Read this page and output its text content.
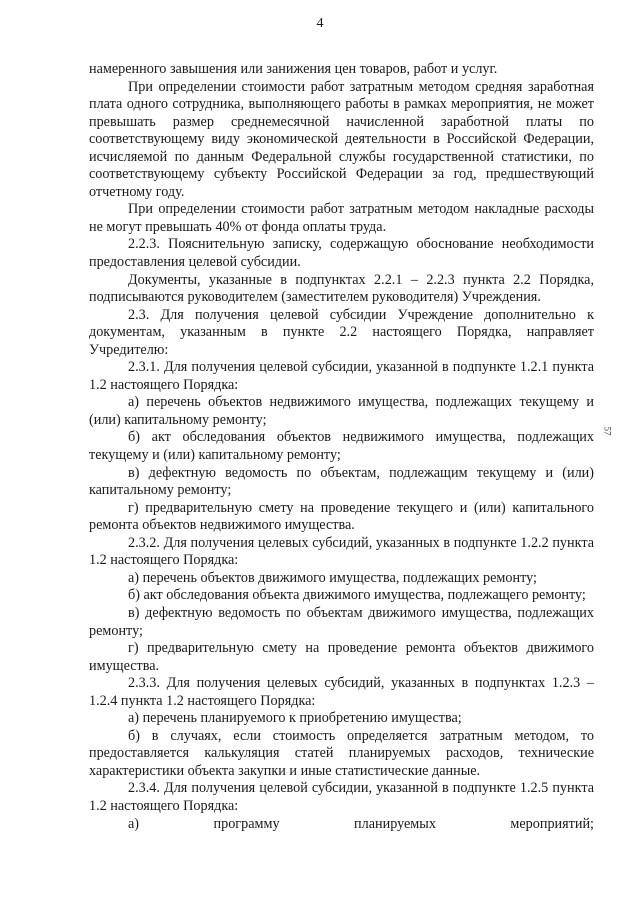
4
57

намеренного завышения или занижения цен товаров, работ и услуг.

При определении стоимости работ затратным методом средняя заработная плата одного сотрудника, выполняющего работы в рамках мероприятия, не может превышать размер среднемесячной начисленной заработной платы по соответствующему виду экономической деятельности в Российской Федерации, исчисляемой по данным Федеральной службы государственной статистики, по соответствующему субъекту Российской Федерации за год, предшествующий отчетному году.

При определении стоимости работ затратным методом накладные расходы не могут превышать 40% от фонда оплаты труда.

2.2.3. Пояснительную записку, содержащую обоснование необходимости предоставления целевой субсидии.

Документы, указанные в подпунктах 2.2.1 – 2.2.3 пункта 2.2 Порядка, подписываются руководителем (заместителем руководителя) Учреждения.

2.3. Для получения целевой субсидии Учреждение дополнительно к документам, указанным в пункте 2.2 настоящего Порядка, направляет Учредителю:

2.3.1. Для получения целевой субсидии, указанной в подпункте 1.2.1 пункта 1.2 настоящего Порядка:

а) перечень объектов недвижимого имущества, подлежащих текущему и (или) капитальному ремонту;

б) акт обследования объектов недвижимого имущества, подлежащих текущему и (или) капитальному ремонту;

в) дефектную ведомость по объектам, подлежащим текущему и (или) капитальному ремонту;

г) предварительную смету на проведение текущего и (или) капитального ремонта объектов недвижимого имущества.

2.3.2. Для получения целевых субсидий, указанных в подпункте 1.2.2 пункта 1.2 настоящего Порядка:

а) перечень объектов движимого имущества, подлежащих ремонту;

б) акт обследования объекта движимого имущества, подлежащего ремонту;

в) дефектную ведомость по объектам движимого имущества, подлежащих ремонту;

г) предварительную смету на проведение ремонта объектов движимого имущества.

2.3.3. Для получения целевых субсидий, указанных в подпунктах 1.2.3 – 1.2.4 пункта 1.2 настоящего Порядка:

а) перечень планируемого к приобретению имущества;

б) в случаях, если стоимость определяется затратным методом, то предоставляется калькуляция статей планируемых расходов, технические характеристики объекта закупки и иные статистические данные.

2.3.4. Для получения целевой субсидии, указанной в подпункте 1.2.5 пункта 1.2 настоящего Порядка:

а) программу планируемых мероприятий;
